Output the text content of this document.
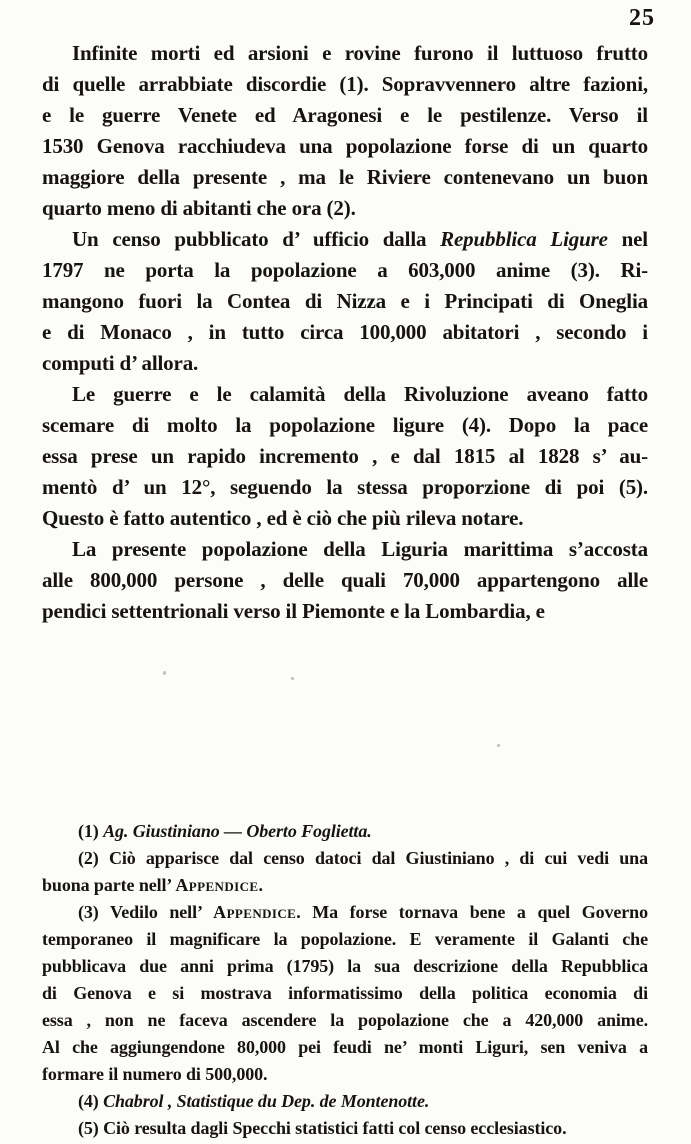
25
Infinite morti ed arsioni e rovine furono il luttuoso frutto
di quelle arrabbiate discordie (1). Sopravvennero altre fazioni,
e le guerre Venete ed Aragonesi e le pestilenze. Verso il
1530 Genova racchiudeva una popolazione forse di un quarto
maggiore della presente , ma le Riviere contenevano un buon
quarto meno di abitanti che ora (2).
Un censo pubblicato d’ ufficio dalla Repubblica Ligure nel
1797 ne porta la popolazione a 603,000 anime (3). Ri-
mangono fuori la Contea di Nizza e i Principati di Oneglia
e di Monaco , in tutto circa 100,000 abitatori , secondo i
computi d’ allora.
Le guerre e le calamità della Rivoluzione aveano fatto
scemare di molto la popolazione ligure (4). Dopo la pace
essa prese un rapido incremento , e dal 1815 al 1828 s’ au-
mentò d’ un 12°, seguendo la stessa proporzione di poi (5).
Questo è fatto autentico , ed è ciò che più rileva notare.
La presente popolazione della Liguria marittima s’accosta
alle 800,000 persone , delle quali 70,000 appartengono alle
pendici settentrionali verso il Piemonte e la Lombardia, e
(1) Ag. Giustiniano — Oberto Foglietta.
(2) Ciò apparisce dal censo datoci dal Giustiniano , di cui vedi una
buona parte nell’ Appendice.
(3) Vedilo nell’ Appendice. Ma forse tornava bene a quel Governo
temporaneo il magnificare la popolazione. E veramente il Galanti che
pubblicava due anni prima (1795) la sua descrizione della Repubblica
di Genova e si mostrava informatissimo della politica economia di
essa , non ne faceva ascendere la popolazione che a 420,000 anime.
Al che aggiungendone 80,000 pei feudi ne’ monti Liguri, sen veniva a
formare il numero di 500,000.
(4) Chabrol , Statistique du Dep. de Montenotte.
(5) Ciò resulta dagli Specchi statistici fatti col censo ecclesiastico.
